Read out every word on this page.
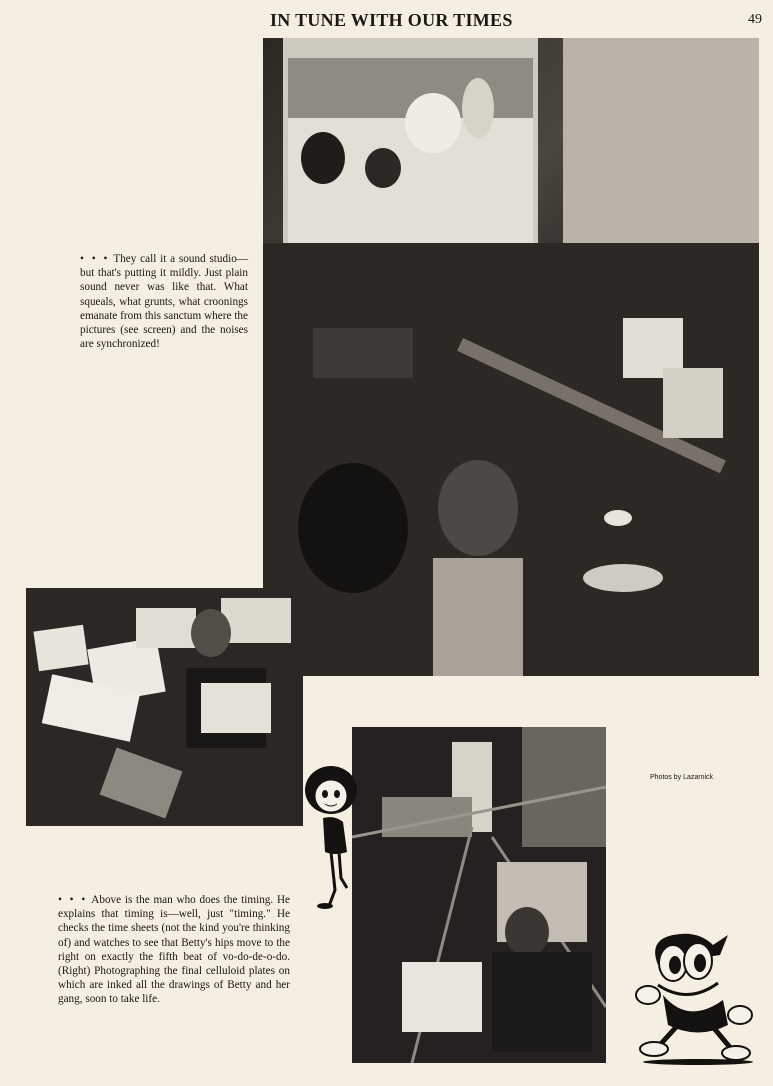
IN TUNE WITH OUR TIMES	49
• • • They call it a sound studio—but that's putting it mildly. Just plain sound never was like that. What squeals, what grunts, what croonings emanate from this sanctum where the pictures (see screen) and the noises are synchronized!
Photos by Lazarnick
• • • Above is the man who does the timing. He explains that timing is—well, just "timing." He checks the time sheets (not the kind you're thinking of) and watches to see that Betty's hips move to the right on exactly the fifth beat of vo-do-de-o-do. (Right) Photographing the final celluloid plates on which are inked all the drawings of Betty and her gang, soon to take life.
